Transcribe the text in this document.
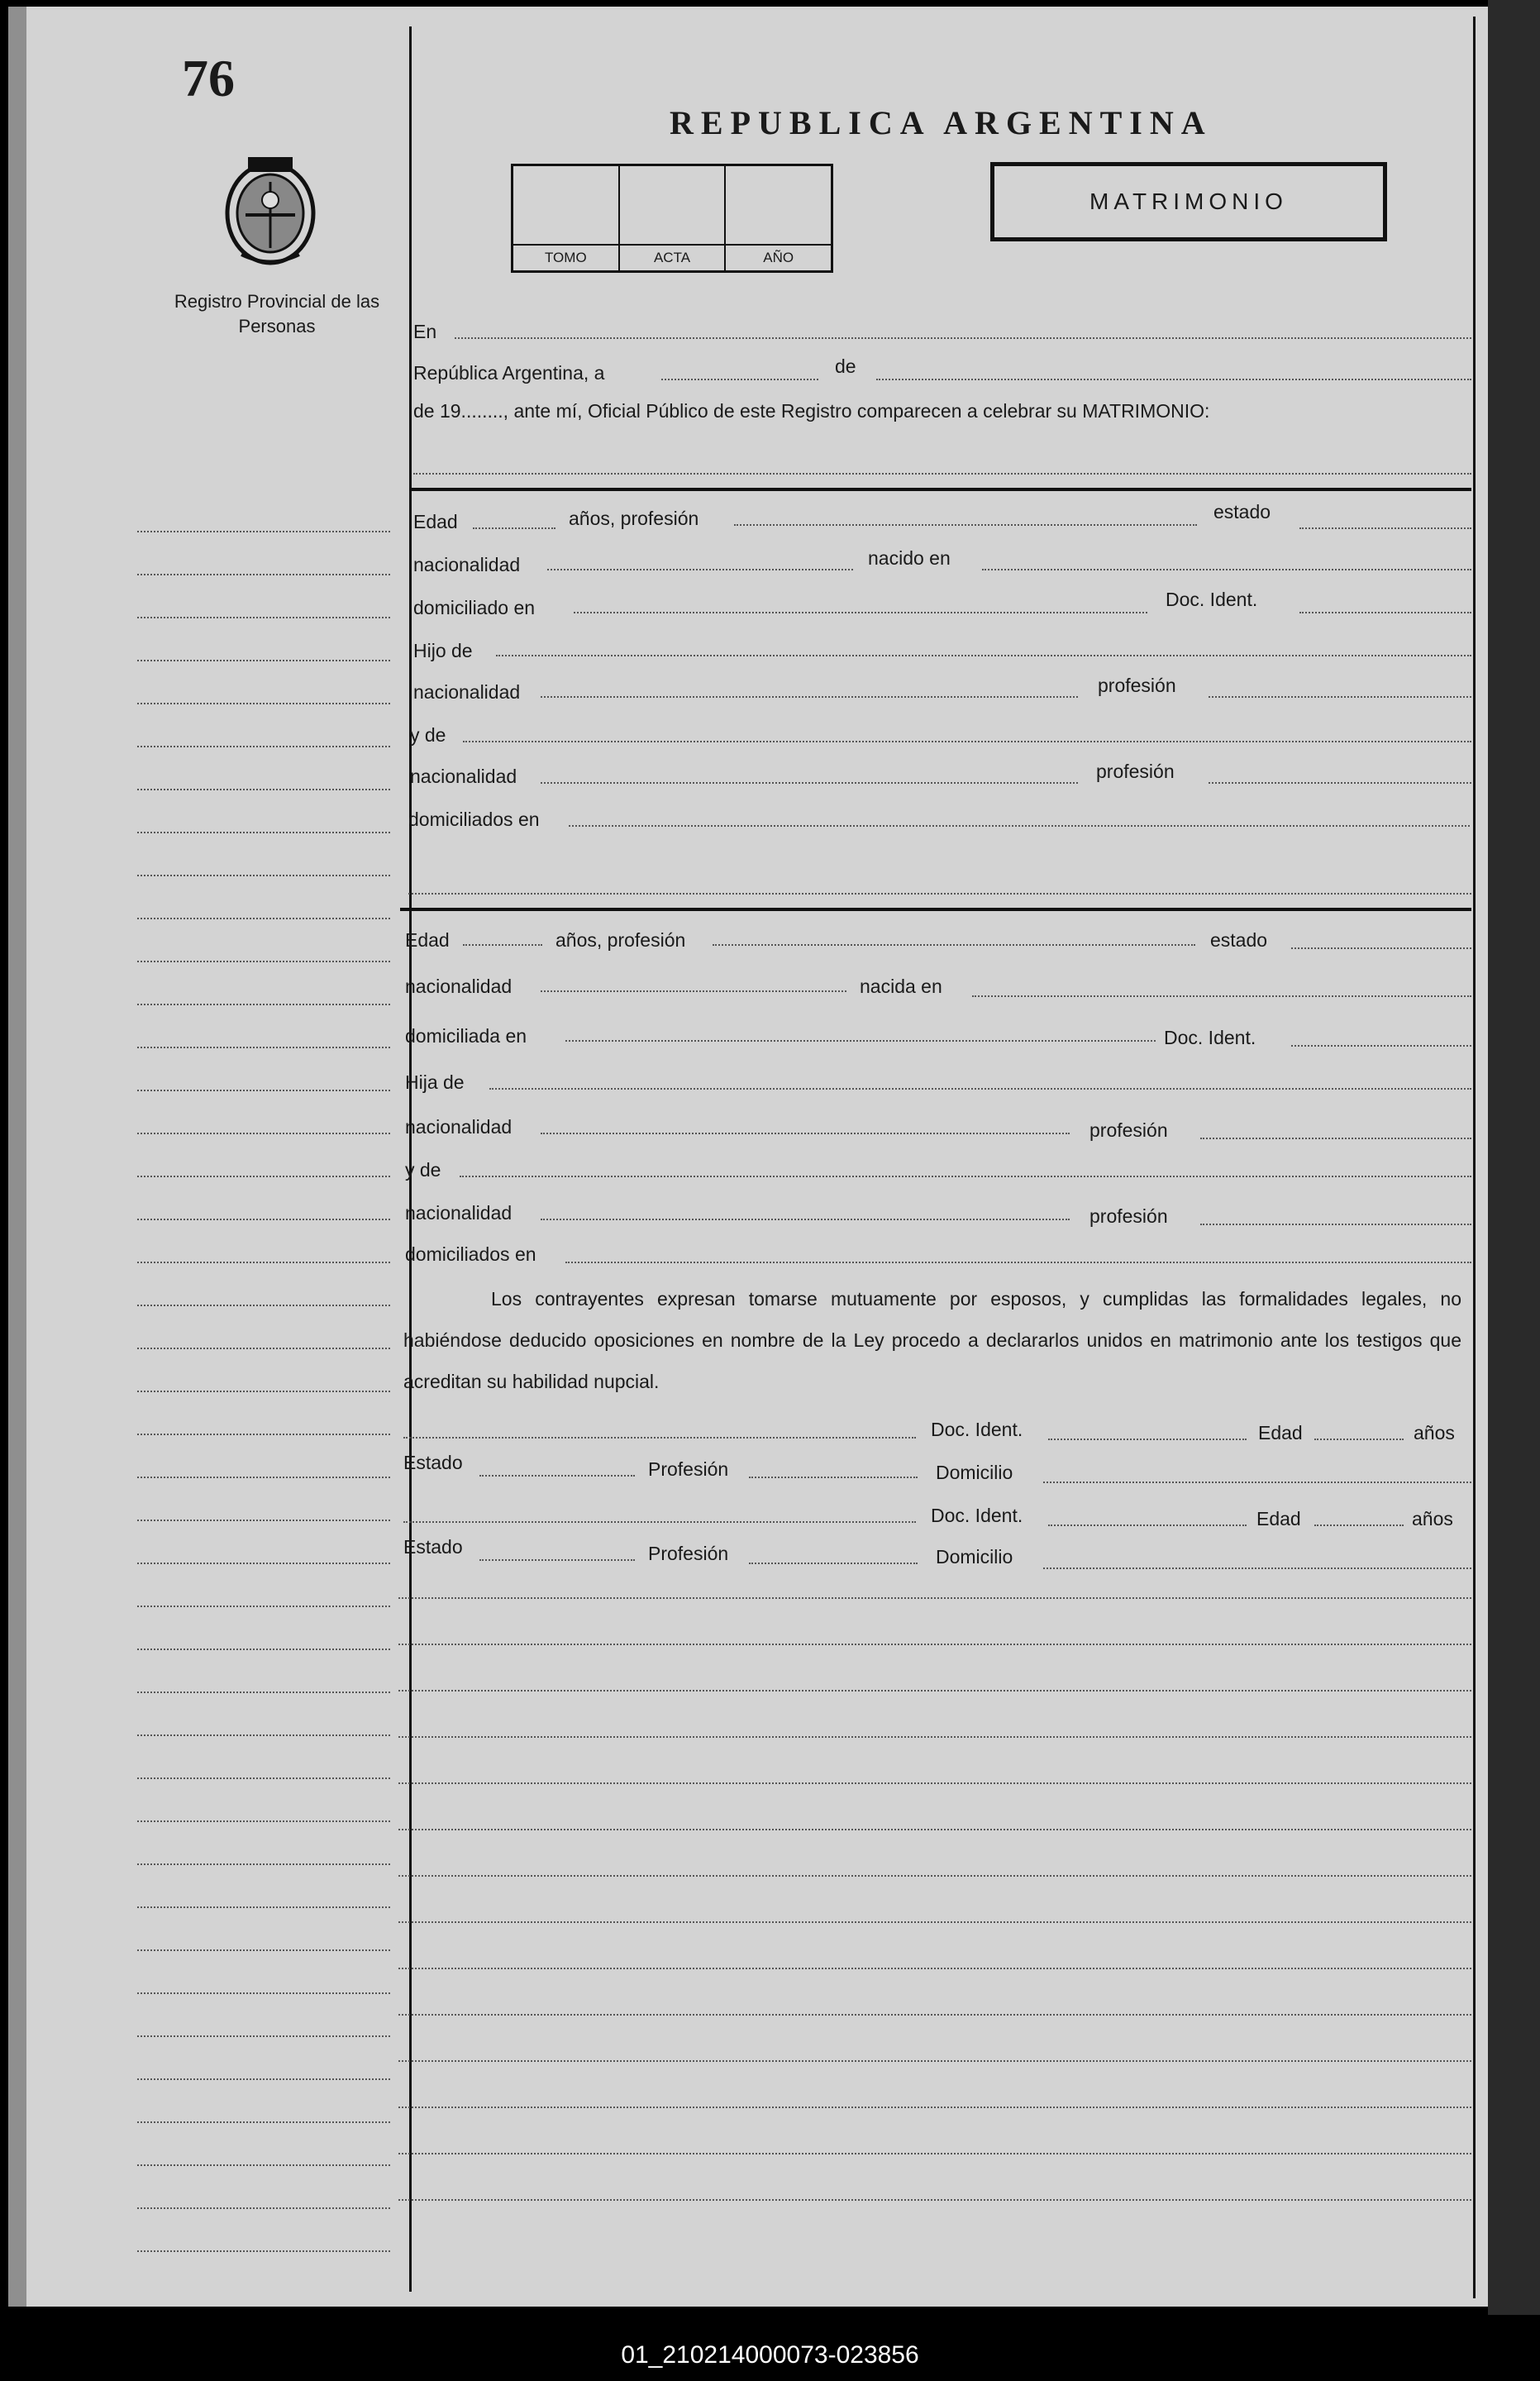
76
Registro Provincial de las Personas
REPUBLICA ARGENTINA
TOMO	ACTA	AÑO
MATRIMONIO
En
República Argentina, a	de
de 19........, ante mí, Oficial Público de este Registro comparecen a celebrar su MATRIMONIO:
Edad	años, profesión	estado
nacionalidad	nacido en
domiciliado en	Doc. Ident.
Hijo de
nacionalidad	profesión
y de
nacionalidad	profesión
domiciliados en
Edad	años, profesión	estado
nacionalidad	nacida en
domiciliada en	Doc. Ident.
Hija de
nacionalidad	profesión
y de
nacionalidad	profesión
domiciliados en
Los contrayentes expresan tomarse mutuamente por esposos, y cumplidas las formalidades legales, no habiéndose deducido oposiciones en nombre de la Ley procedo a declararlos unidos en matrimonio ante los testigos que acreditan su habilidad nupcial.
Doc. Ident.	Edad	años
Estado	Profesión	Domicilio
Doc. Ident.	Edad	años
Estado	Profesión	Domicilio
01_210214000073-023856
